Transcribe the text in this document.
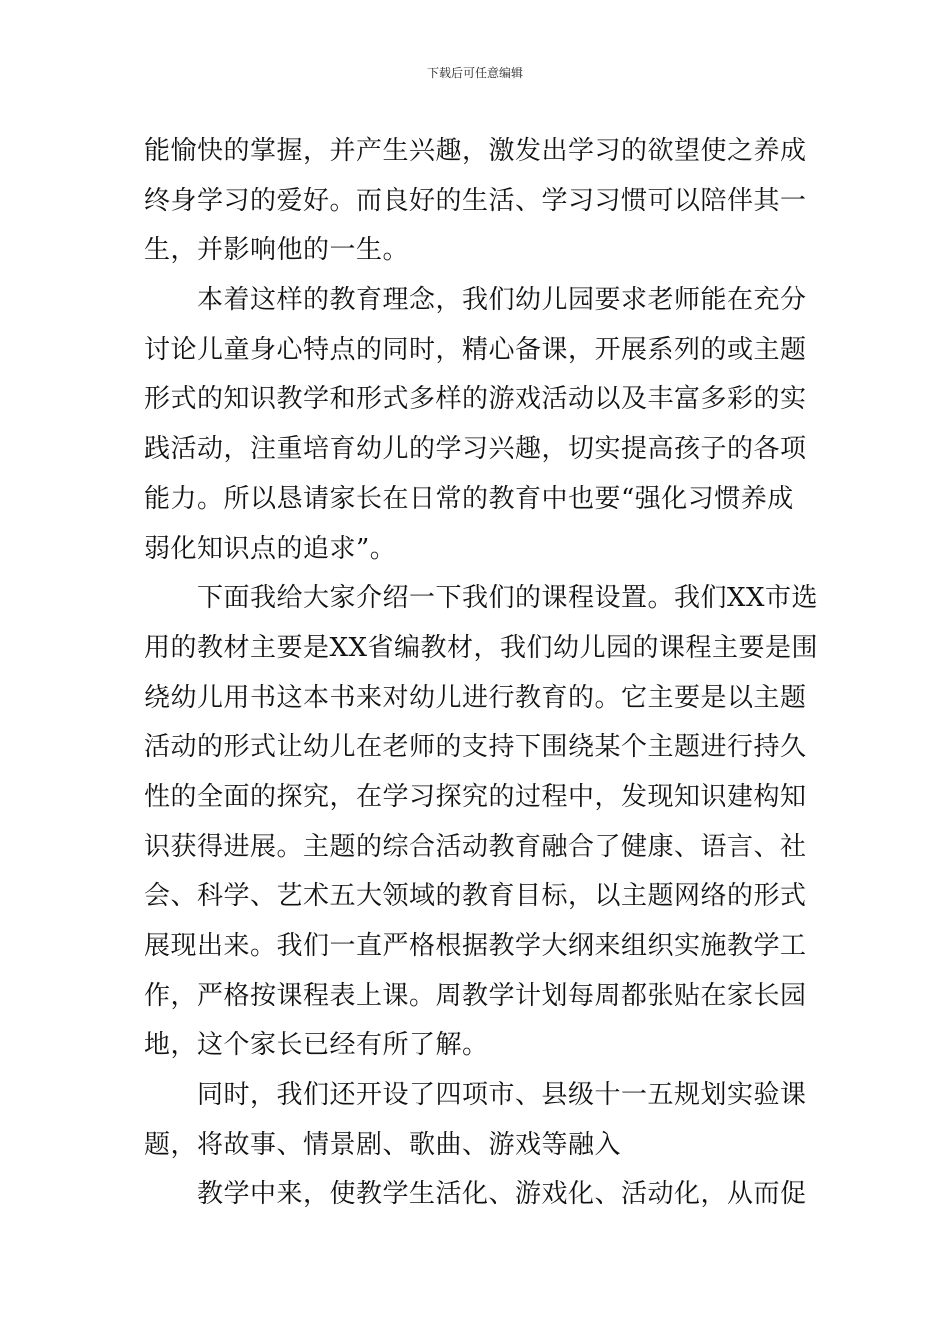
下载后可任意编辑
能愉快的掌握，并产生兴趣，激发出学习的欲望使之养成
终身学习的爱好。而良好的生活、学习习惯可以陪伴其一
生，并影响他的一生。
　　本着这样的教育理念，我们幼儿园要求老师能在充分
讨论儿童身心特点的同时，精心备课，开展系列的或主题
形式的知识教学和形式多样的游戏活动以及丰富多彩的实
践活动，注重培育幼儿的学习兴趣，切实提高孩子的各项
能力。所以恳请家长在日常的教育中也要“强化习惯养成
弱化知识点的追求”。
　　下面我给大家介绍一下我们的课程设置。我们XX市选
用的教材主要是XX省编教材，我们幼儿园的课程主要是围
绕幼儿用书这本书来对幼儿进行教育的。它主要是以主题
活动的形式让幼儿在老师的支持下围绕某个主题进行持久
性的全面的探究，在学习探究的过程中，发现知识建构知
识获得进展。主题的综合活动教育融合了健康、语言、社
会、科学、艺术五大领域的教育目标，以主题网络的形式
展现出来。我们一直严格根据教学大纲来组织实施教学工
作，严格按课程表上课。周教学计划每周都张贴在家长园
地，这个家长已经有所了解。
　　同时，我们还开设了四项市、县级十一五规划实验课
题，将故事、情景剧、歌曲、游戏等融入
　　教学中来，使教学生活化、游戏化、活动化，从而促
